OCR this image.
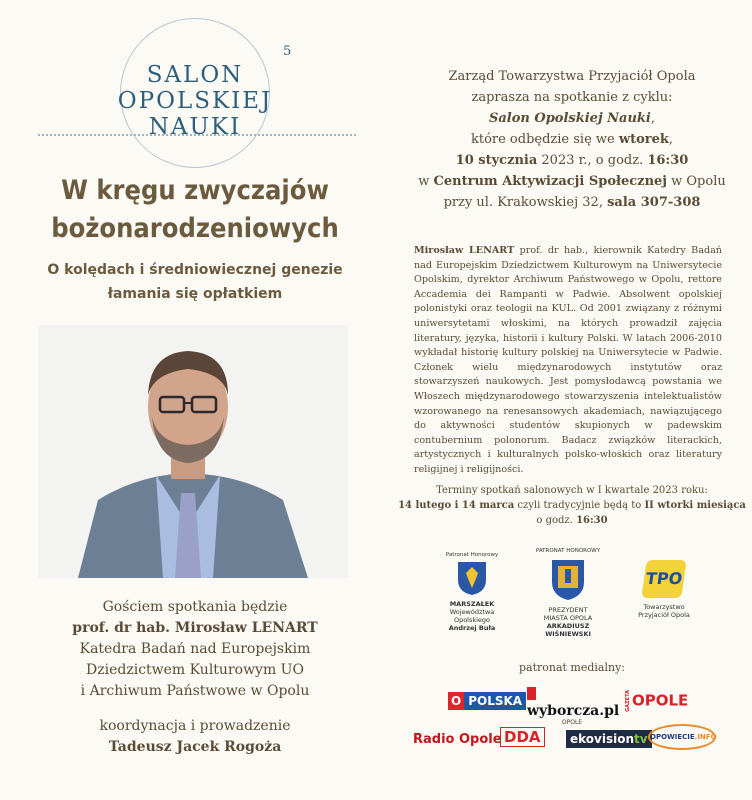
SALON
OPOLSKIEJ
NAUKI
5
W kręgu zwyczajów
bożonarodzeniowych
O kolędach i średniowiecznej genezie
łamania się opłatkiem
Gościem spotkania będzie
prof. dr hab. Mirosław LENART
Katedra Badań nad Europejskim
Dziedzictwem Kulturowym UO
i Archiwum Państwowe w Opolu
koordynacja i prowadzenie
Tadeusz Jacek Rogoża
Zarząd Towarzystwa Przyjaciół Opola
zaprasza na spotkanie z cyklu:
Salon Opolskiej Nauki,
które odbędzie się we wtorek,
10 stycznia 2023 r., o godz. 16:30
w Centrum Aktywizacji Społecznej w Opolu
przy ul. Krakowskiej 32, sala 307-308
Mirosław LENART prof. dr hab., kierownik Katedry Badań nad Europejskim Dziedzictwem Kulturowym na Uniwersytecie Opolskim, dyrektor Archiwum Państwowego w Opolu, rettore Accademia dei Rampanti w Padwie. Absolwent opolskiej polonistyki oraz teologii na KUL. Od 2001 związany z różnymi uniwersytetami włoskimi, na których prowadził zajęcia literatury, języka, historii i kultury Polski. W latach 2006-2010 wykładał historię kultury polskiej na Uniwersytecie w Padwie. Członek wielu międzynarodowych instytutów oraz stowarzyszeń naukowych. Jest pomysłodawcą powstania we Włoszech międzynarodowego stowarzyszenia intelektualistów wzorowanego na renesansowych akademiach, nawiązującego do aktywności studentów skupionych w padewskim contubernium polonorum. Badacz związków literackich, artystycznych i kulturalnych polsko-włoskich oraz literatury religijnej i religijności.
Terminy spotkań salonowych w I kwartale 2023 roku:
14 lutego i 14 marca czyli tradycyjnie będą to II wtorki miesiąca
o godz. 16:30
Patronat Honorowy
MARSZAŁEK
Województwa Opolskiego
Andrzej Buła
PATRONAT HONOROWY
PREZYDENT
MIASTA OPOLA
ARKADIUSZ WIŚNIEWSKI
TPO
Towarzystwo
Przyjaciół Opola
patronat medialny:
O POLSKA
wyborcza.pl
OPOLE
GAZETAOPOLE
Radio Opole DDA	ekovisiontv OPOWIECIE.INFO
